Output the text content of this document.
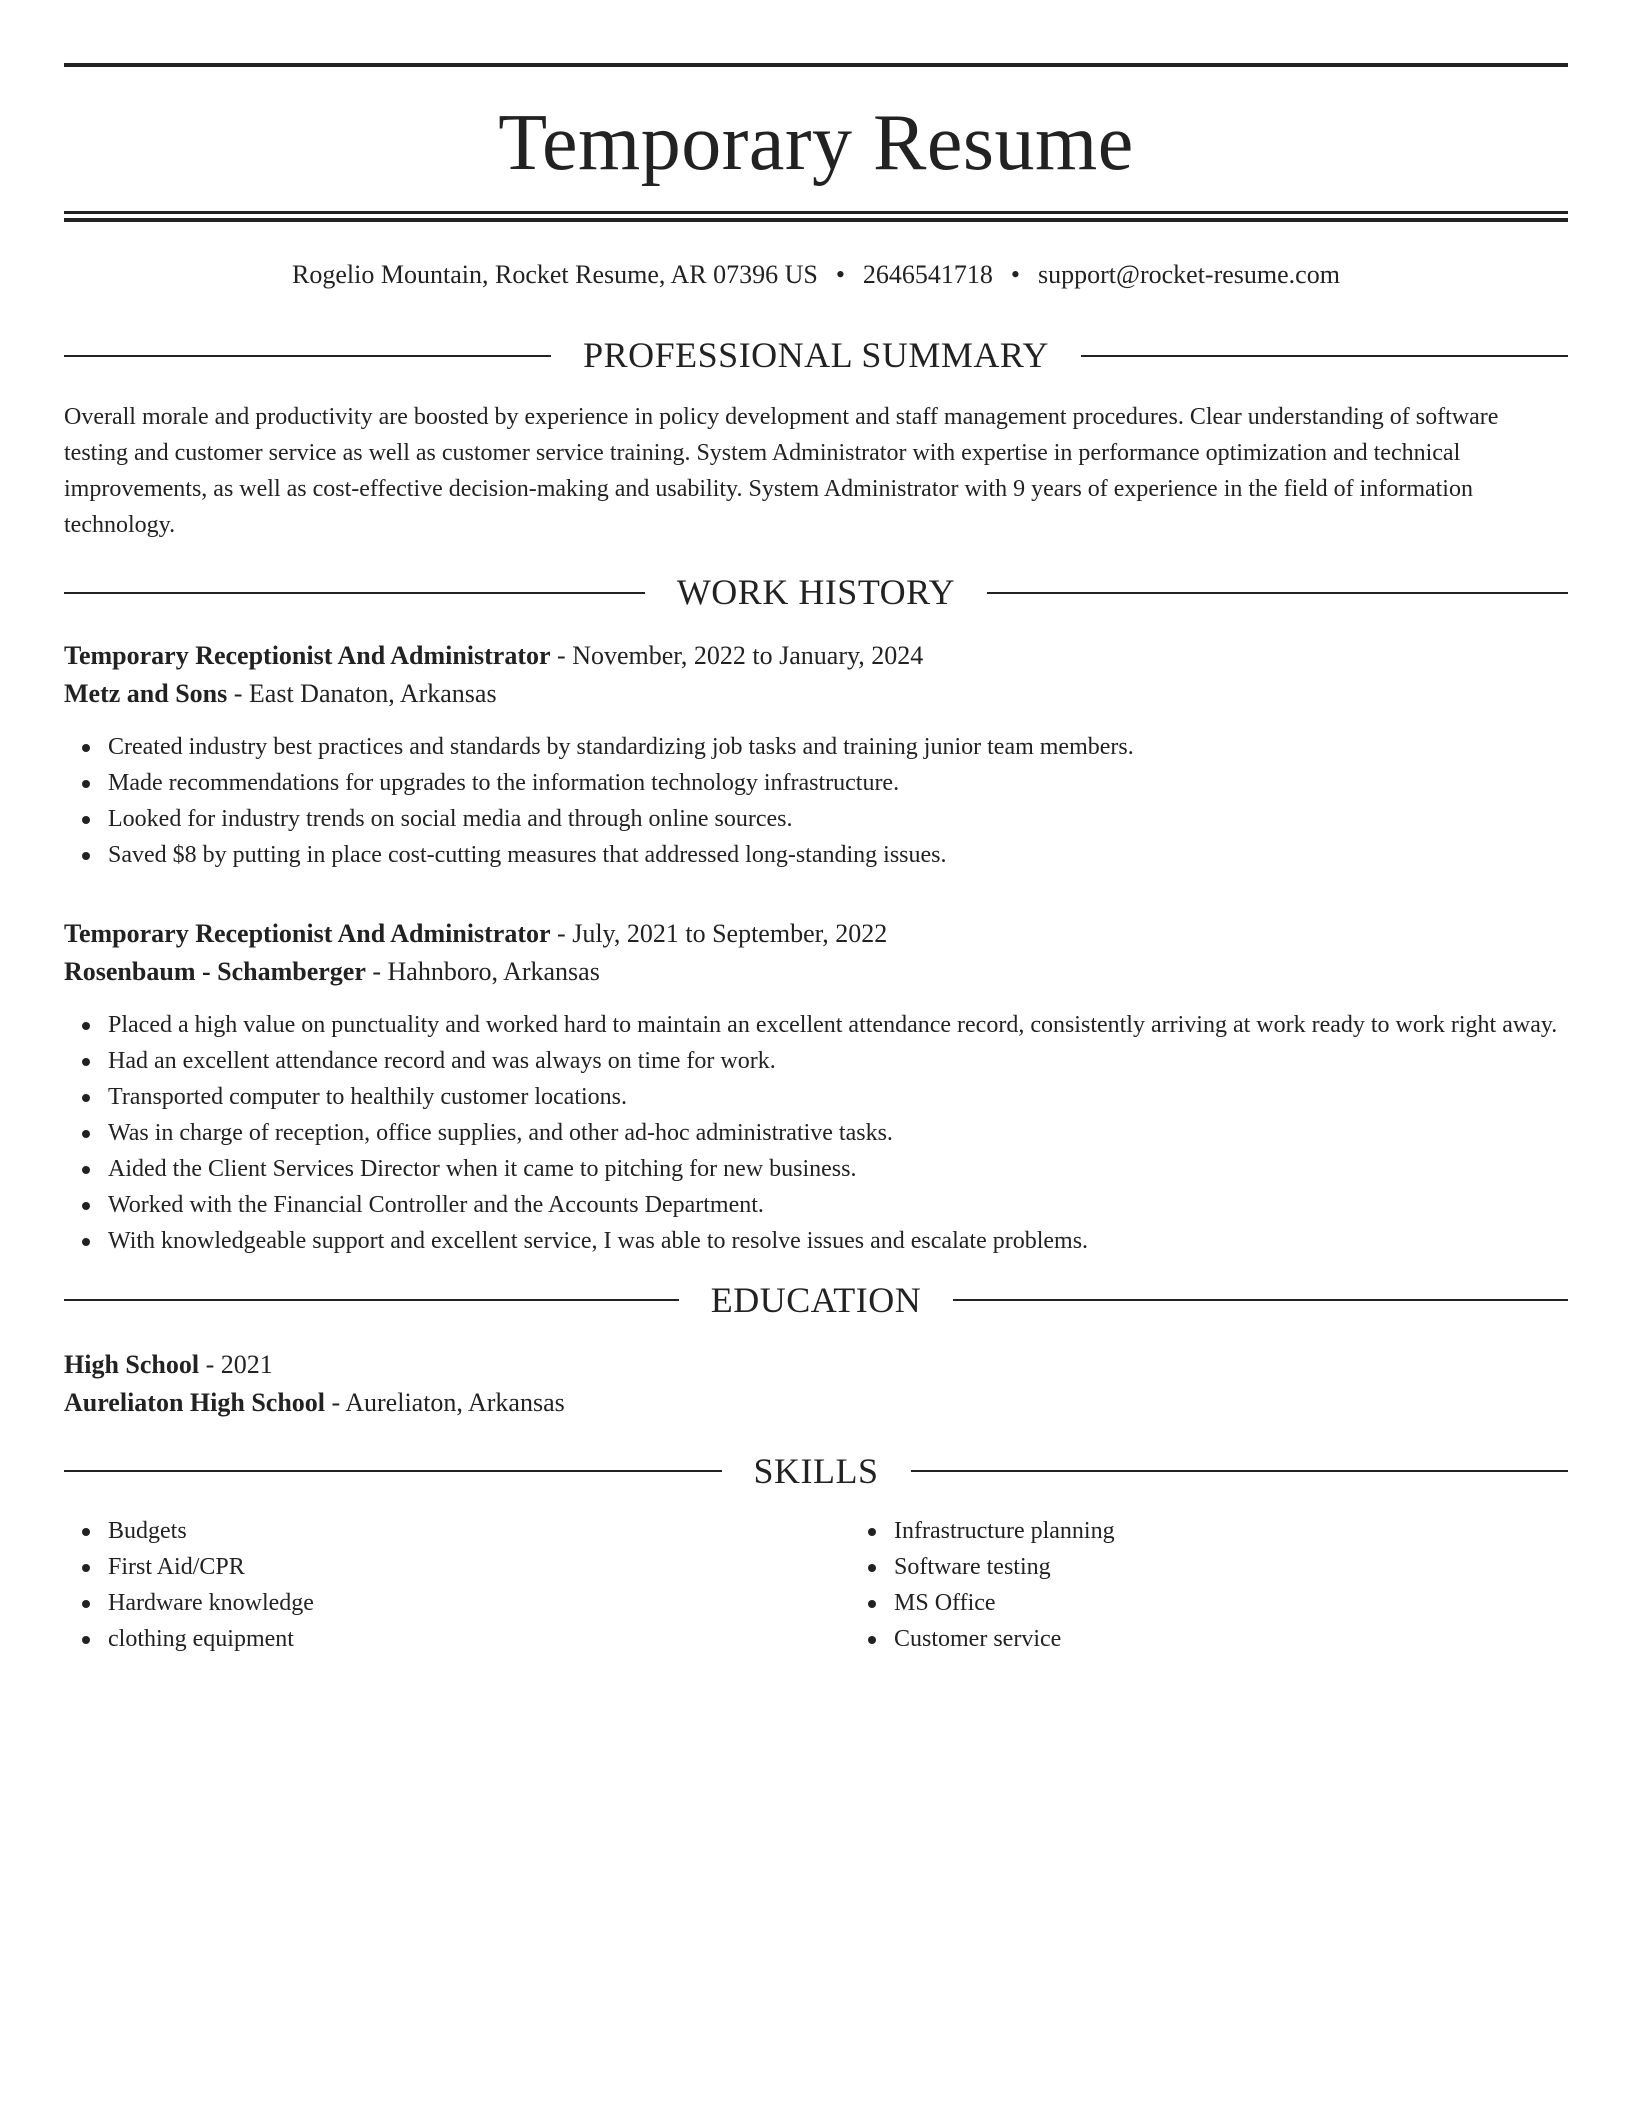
Temporary Resume
Rogelio Mountain, Rocket Resume, AR 07396 US • 2646541718 • support@rocket-resume.com
PROFESSIONAL SUMMARY

Overall morale and productivity are boosted by experience in policy development and staff management procedures. Clear understanding of software testing and customer service as well as customer service training. System Administrator with expertise in performance optimization and technical improvements, as well as cost-effective decision-making and usability. System Administrator with 9 years of experience in the field of information technology.

WORK HISTORY
Temporary Receptionist And Administrator - November, 2022 to January, 2024
Metz and Sons - East Danaton, Arkansas
Created industry best practices and standards by standardizing job tasks and training junior team members.
Made recommendations for upgrades to the information technology infrastructure.
Looked for industry trends on social media and through online sources.
Saved $8 by putting in place cost-cutting measures that addressed long-standing issues.
Temporary Receptionist And Administrator - July, 2021 to September, 2022
Rosenbaum - Schamberger - Hahnboro, Arkansas
Placed a high value on punctuality and worked hard to maintain an excellent attendance record, consistently arriving at work ready to work right away.
Had an excellent attendance record and was always on time for work.
Transported computer to healthily customer locations.
Was in charge of reception, office supplies, and other ad-hoc administrative tasks.
Aided the Client Services Director when it came to pitching for new business.
Worked with the Financial Controller and the Accounts Department.
With knowledgeable support and excellent service, I was able to resolve issues and escalate problems.
EDUCATION
High School - 2021
Aureliaton High School - Aureliaton, Arkansas
SKILLS
Budgets
First Aid/CPR
Hardware knowledge
clothing equipment
Infrastructure planning
Software testing
MS Office
Customer service
